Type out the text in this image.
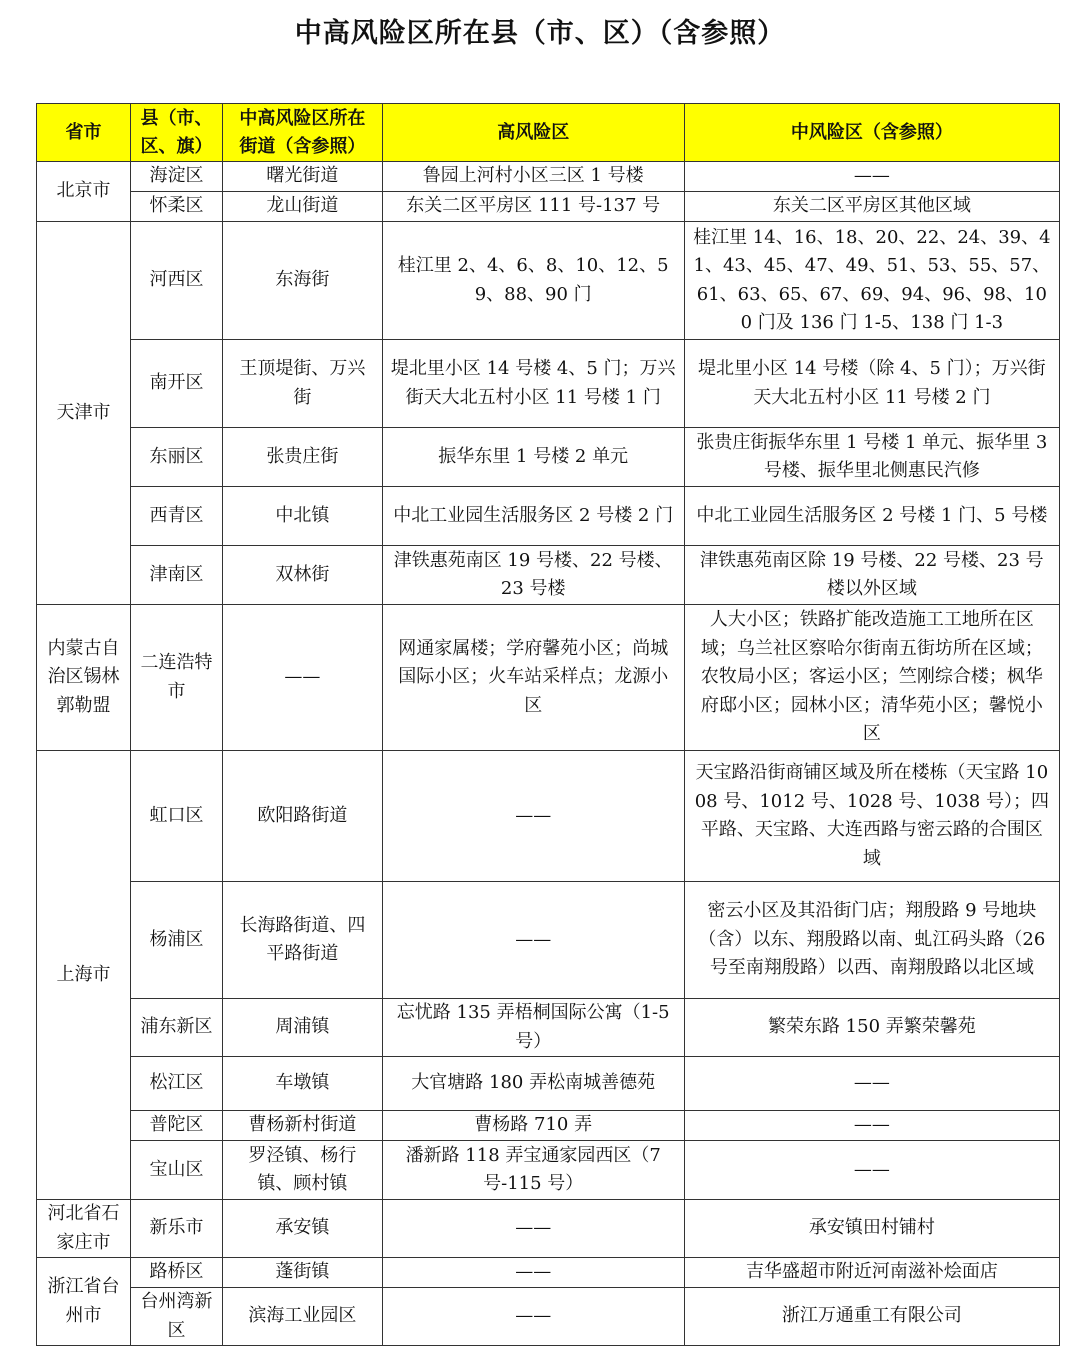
中高风险区所在县（市、区）（含参照）
省市	县（市、区、旗）	中高风险区所在街道（含参照）	高风险区	中风险区（含参照）
北京市	海淀区	曙光街道	鲁园上河村小区三区 1 号楼	——
	怀柔区	龙山街道	东关二区平房区 111 号-137 号	东关二区平房区其他区域
天津市	河西区	东海街	桂江里 2、4、6、8、10、12、59、88、90 门	桂江里 14、16、18、20、22、24、39、41、43、45、47、49、51、53、55、57、61、63、65、67、69、94、96、98、100 门及 136 门 1-5、138 门 1-3
	南开区	王顶堤街、万兴街	堤北里小区 14 号楼 4、5 门；万兴街天大北五村小区 11 号楼 1 门	堤北里小区 14 号楼（除 4、5 门）；万兴街天大北五村小区 11 号楼 2 门
	东丽区	张贵庄街	振华东里 1 号楼 2 单元	张贵庄街振华东里 1 号楼 1 单元、振华里 3 号楼、振华里北侧惠民汽修
	西青区	中北镇	中北工业园生活服务区 2 号楼 2 门	中北工业园生活服务区 2 号楼 1 门、5 号楼
	津南区	双林街	津铁惠苑南区 19 号楼、22 号楼、23 号楼	津铁惠苑南区除 19 号楼、22 号楼、23 号楼以外区域
内蒙古自治区锡林郭勒盟	二连浩特市	——	网通家属楼；学府馨苑小区；尚城国际小区；火车站采样点；龙源小区	人大小区；铁路扩能改造施工工地所在区域；乌兰社区察哈尔街南五街坊所在区域；农牧局小区；客运小区；竺刚综合楼；枫华府邸小区；园林小区；清华苑小区；馨悦小区
上海市	虹口区	欧阳路街道	——	天宝路沿街商铺区域及所在楼栋（天宝路 1008 号、1012 号、1028 号、1038 号）；四平路、天宝路、大连西路与密云路的合围区域
	杨浦区	长海路街道、四平路街道	——	密云小区及其沿街门店；翔殷路 9 号地块（含）以东、翔殷路以南、虬江码头路（26 号至南翔殷路）以西、南翔殷路以北区域
	浦东新区	周浦镇	忘忧路 135 弄梧桐国际公寓（1-5 号）	繁荣东路 150 弄繁荣馨苑
	松江区	车墩镇	大官塘路 180 弄松南城善德苑	——
	普陀区	曹杨新村街道	曹杨路 710 弄	——
	宝山区	罗泾镇、杨行镇、顾村镇	潘新路 118 弄宝通家园西区（7 号-115 号）	——
河北省石家庄市	新乐市	承安镇	——	承安镇田村铺村
浙江省台州市	路桥区	蓬街镇	——	吉华盛超市附近河南滋补烩面店
	台州湾新区	滨海工业园区	——	浙江万通重工有限公司
